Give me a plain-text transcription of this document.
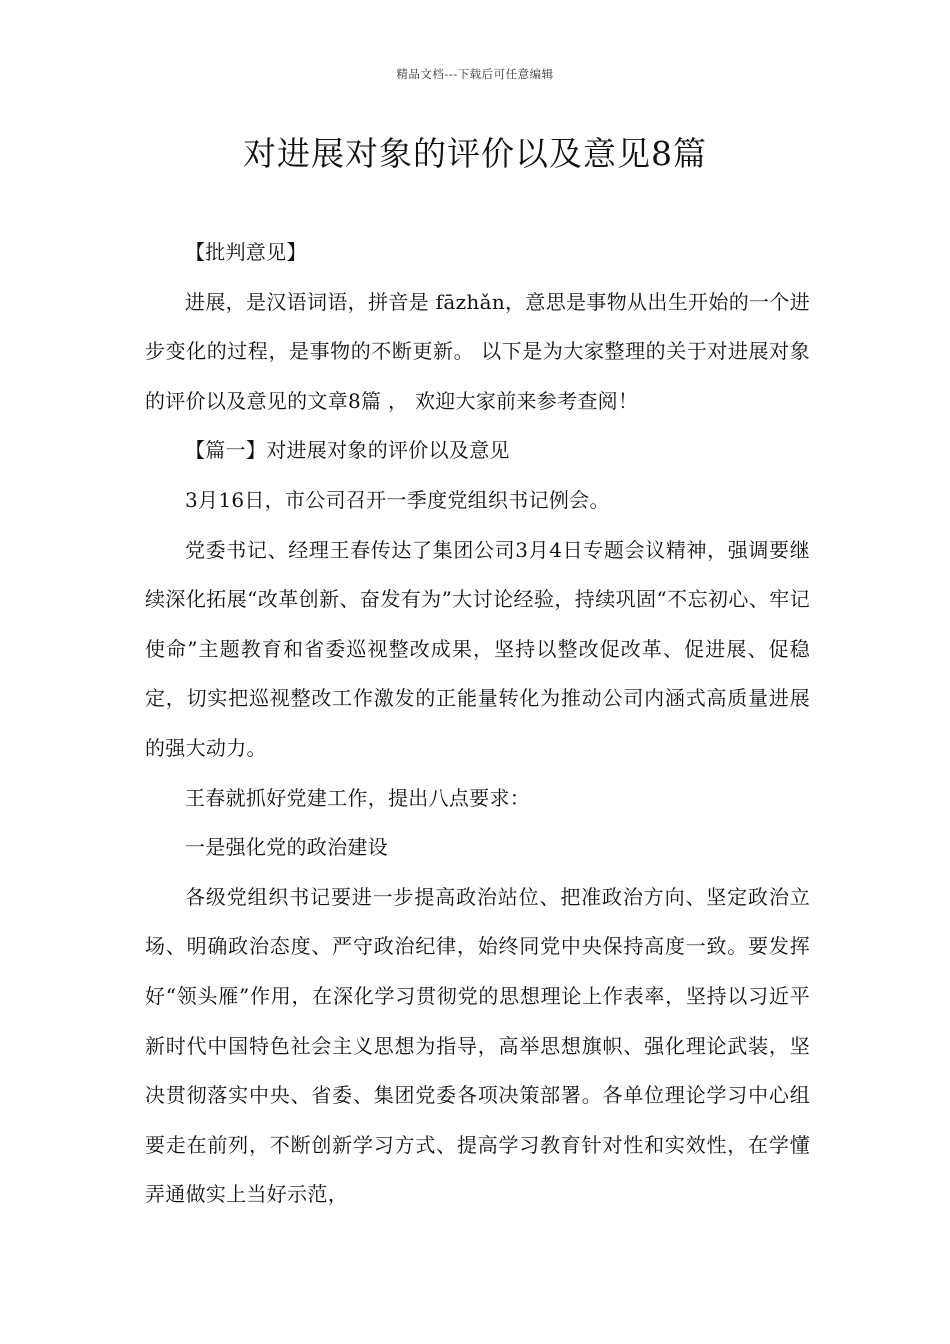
精品文档---下载后可任意编辑
对进展对象的评价以及意见8篇

【批判意见】

进展，是汉语词语，拼音是 fāzhǎn，意思是事物从出生开始的一个进步变化的过程，是事物的不断更新。 以下是为大家整理的关于对进展对象的评价以及意见的文章8篇 ， 欢迎大家前来参考查阅！

【篇一】对进展对象的评价以及意见

3月16日，市公司召开一季度党组织书记例会。

党委书记、经理王春传达了集团公司3月4日专题会议精神，强调要继续深化拓展“改革创新、奋发有为”大讨论经验，持续巩固“不忘初心、牢记使命”主题教育和省委巡视整改成果，坚持以整改促改革、促进展、促稳定，切实把巡视整改工作激发的正能量转化为推动公司内涵式高质量进展的强大动力。

王春就抓好党建工作，提出八点要求：

一是强化党的政治建设

各级党组织书记要进一步提高政治站位、把准政治方向、坚定政治立场、明确政治态度、严守政治纪律，始终同党中央保持高度一致。要发挥好“领头雁”作用，在深化学习贯彻党的思想理论上作表率，坚持以习近平新时代中国特色社会主义思想为指导，高举思想旗帜、强化理论武装，坚决贯彻落实中央、省委、集团党委各项决策部署。各单位理论学习中心组要走在前列，不断创新学习方式、提高学习教育针对性和实效性，在学懂弄通做实上当好示范，
